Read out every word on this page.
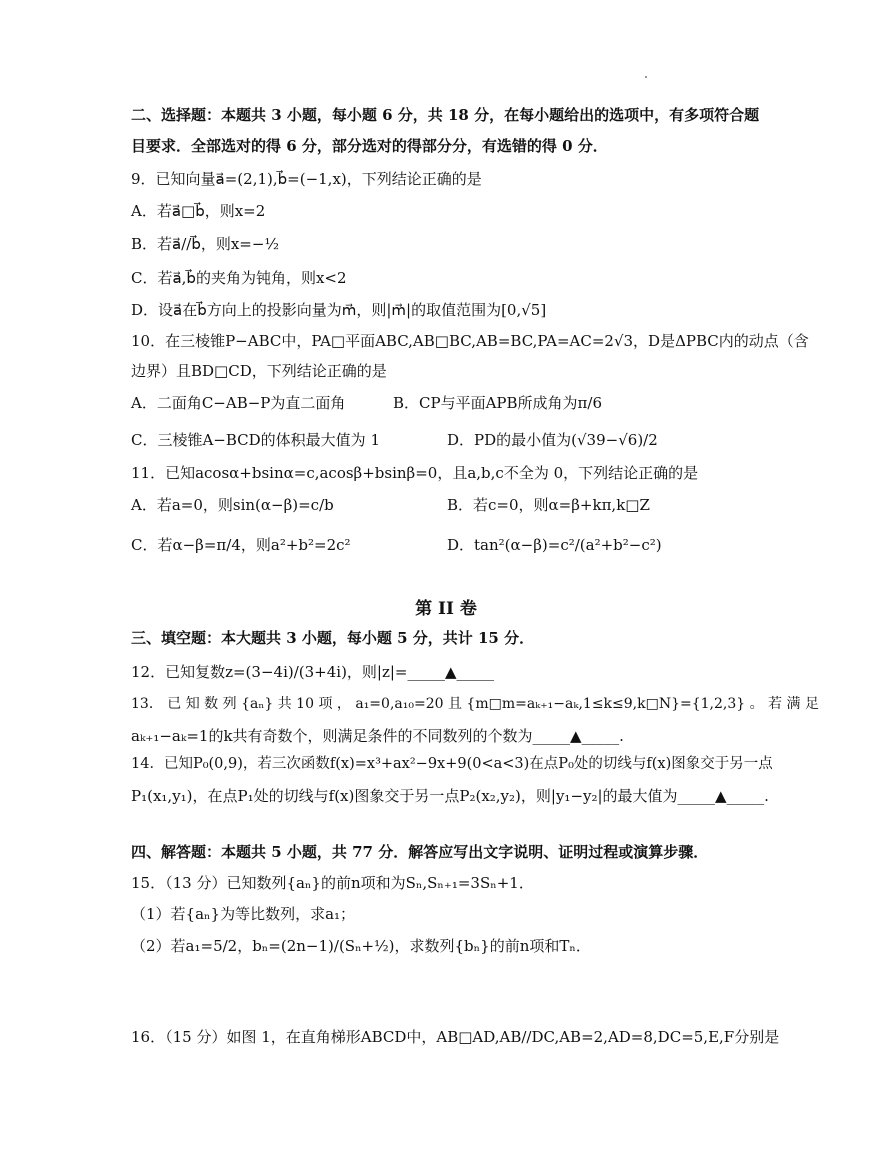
二、选择题：本题共 3 小题，每小题 6 分，共 18 分，在每小题给出的选项中，有多项符合题
目要求．全部选对的得 6 分，部分选对的得部分分，有选错的得 0 分．
9．已知向量a⃗=(2,1),b⃗=(−1,x)，下列结论正确的是
A．若a⃗□b⃗，则x=2
B．若a⃗//b⃗，则x=−½
C．若a⃗,b⃗的夹角为钝角，则x<2
D．设a⃗在b⃗方向上的投影向量为m⃗，则|m⃗|的取值范围为[0,√5]
10．在三棱锥P−ABC中，PA□平面ABC,AB□BC,AB=BC,PA=AC=2√3，D是ΔPBC内的动点（含
边界）且BD□CD，下列结论正确的是
A．二面角C−AB−P为直二面角	B．CP与平面APB所成角为π/6
C．三棱锥A−BCD的体积最大值为 1	D．PD的最小值为(√39−√6)/2
11．已知acosα+bsinα=c,acosβ+bsinβ=0，且a,b,c不全为 0，下列结论正确的是
A．若a=0，则sin(α−β)=c/b	B．若c=0，则α=β+kπ,k□Z
C．若α−β=π/4，则a²+b²=2c²	D．tan²(α−β)=c²/(a²+b²−c²)
第 II 卷
三、填空题：本大题共 3 小题，每小题 5 分，共计 15 分．
12．已知复数z=(3−4i)/(3+4i)，则|z|=_____▲_____
13． 已 知 数 列 {aₙ} 共 10 项 ， a₁=0,a₁₀=20 且 {m□m=aₖ₊₁−aₖ,1≤k≤9,k□N}={1,2,3} 。 若 满 足
aₖ₊₁−aₖ=1的k共有奇数个，则满足条件的不同数列的个数为_____▲_____.
14．已知P₀(0,9)，若三次函数f(x)=x³+ax²−9x+9(0<a<3)在点P₀处的切线与f(x)图象交于另一点
P₁(x₁,y₁)，在点P₁处的切线与f(x)图象交于另一点P₂(x₂,y₂)，则|y₁−y₂|的最大值为_____▲_____.
四、解答题：本题共 5 小题，共 77 分．解答应写出文字说明、证明过程或演算步骤．
15．（13 分）已知数列{aₙ}的前n项和为Sₙ,Sₙ₊₁=3Sₙ+1．
（1）若{aₙ}为等比数列，求a₁；
（2）若a₁=5/2，bₙ=(2n−1)/(Sₙ+½)，求数列{bₙ}的前n项和Tₙ．
16．（15 分）如图 1，在直角梯形ABCD中，AB□AD,AB//DC,AB=2,AD=8,DC=5,E,F分别是
